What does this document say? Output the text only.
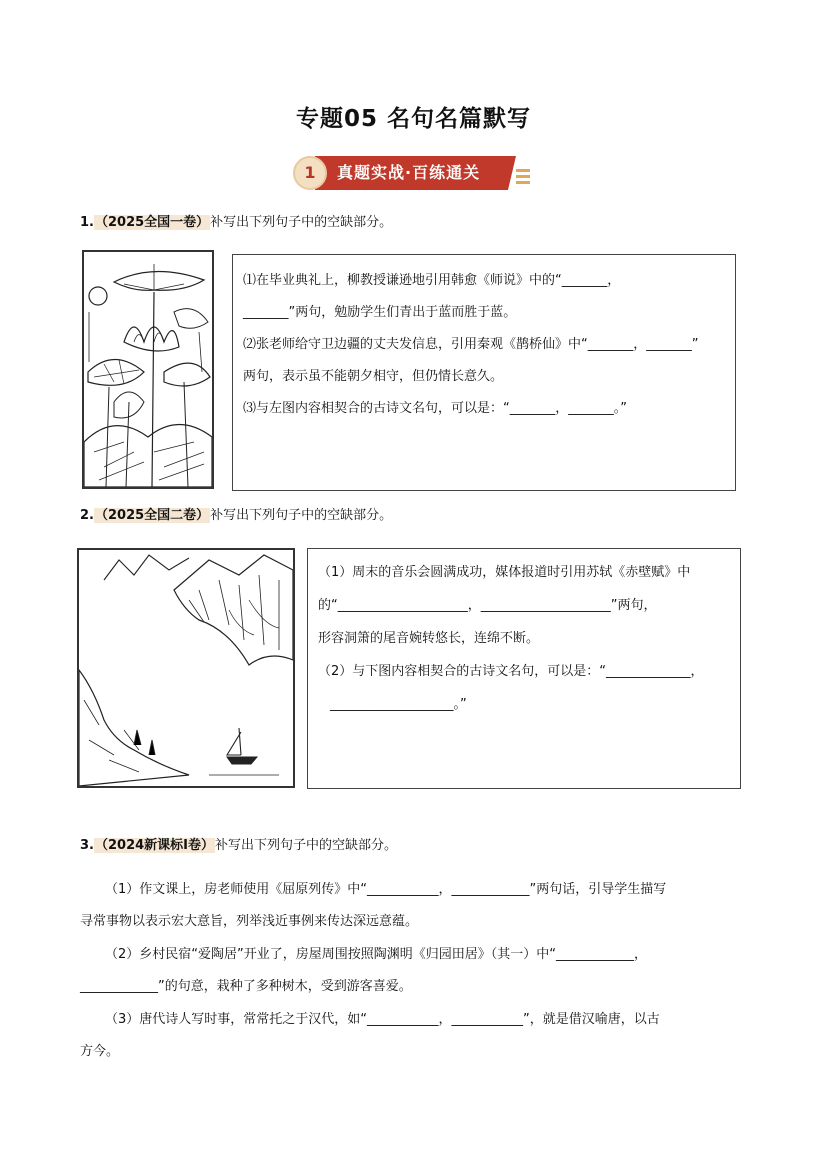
专题05 名句名篇默写
1	真题实战·百练通关
1.（2025全国一卷）补写出下列句子中的空缺部分。
⑴在毕业典礼上，柳教授谦逊地引用韩愈《师说》中的“_______，
_______”两句，勉励学生们青出于蓝而胜于蓝。
⑵张老师给守卫边疆的丈夫发信息，引用秦观《鹊桥仙》中“_______，_______”
两句，表示虽不能朝夕相守，但仍情长意久。
⑶与左图内容相契合的古诗文名句，可以是：“_______，_______。”
2.（2025全国二卷）补写出下列句子中的空缺部分。
（1）周末的音乐会圆满成功，媒体报道时引用苏轼《赤壁赋》中
的“____________________，____________________”两句，
形容洞箫的尾音婉转悠长，连绵不断。
（2）与下图内容相契合的古诗文名句，可以是：“_____________，
___________________。”
3.（2024新课标Ⅰ卷）补写出下列句子中的空缺部分。
（1）作文课上，房老师使用《屈原列传》中“___________，____________”两句话，引导学生描写
寻常事物以表示宏大意旨，列举浅近事例来传达深远意蕴。
（2）乡村民宿“爱陶居”开业了，房屋周围按照陶渊明《归园田居》（其一）中“____________，
____________”的句意，栽种了多种树木，受到游客喜爱。
（3）唐代诗人写时事，常常托之于汉代，如“___________，___________”，就是借汉喻唐，以古
方今。
